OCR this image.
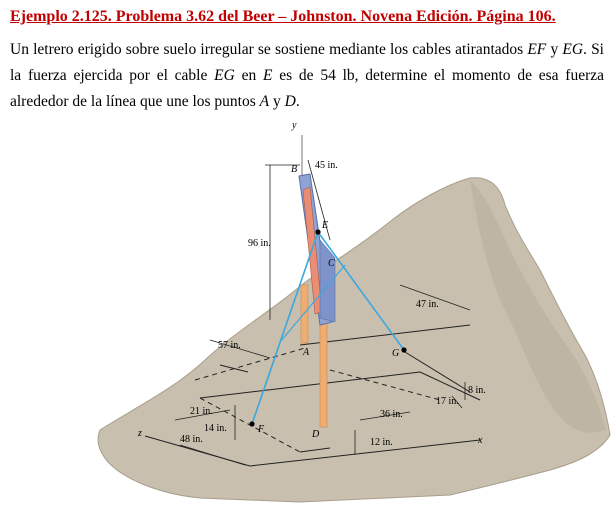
Ejemplo 2.125. Problema 3.62 del Beer – Johnston. Novena Edición. Página 106.
Un letrero erigido sobre suelo irregular se sostiene mediante los cables atirantados EF y EG. Si la fuerza ejercida por el cable EG en E es de 54 lb, determine el momento de esa fuerza alrededor de la línea que une los puntos A y D.
y
x
z
B
E
C
A	G
F	D
45 in.
96 in.
47 in.
57 in.
8 in.
17 in.
21 in.
14 in.
36 in.
48 in.	12 in.
